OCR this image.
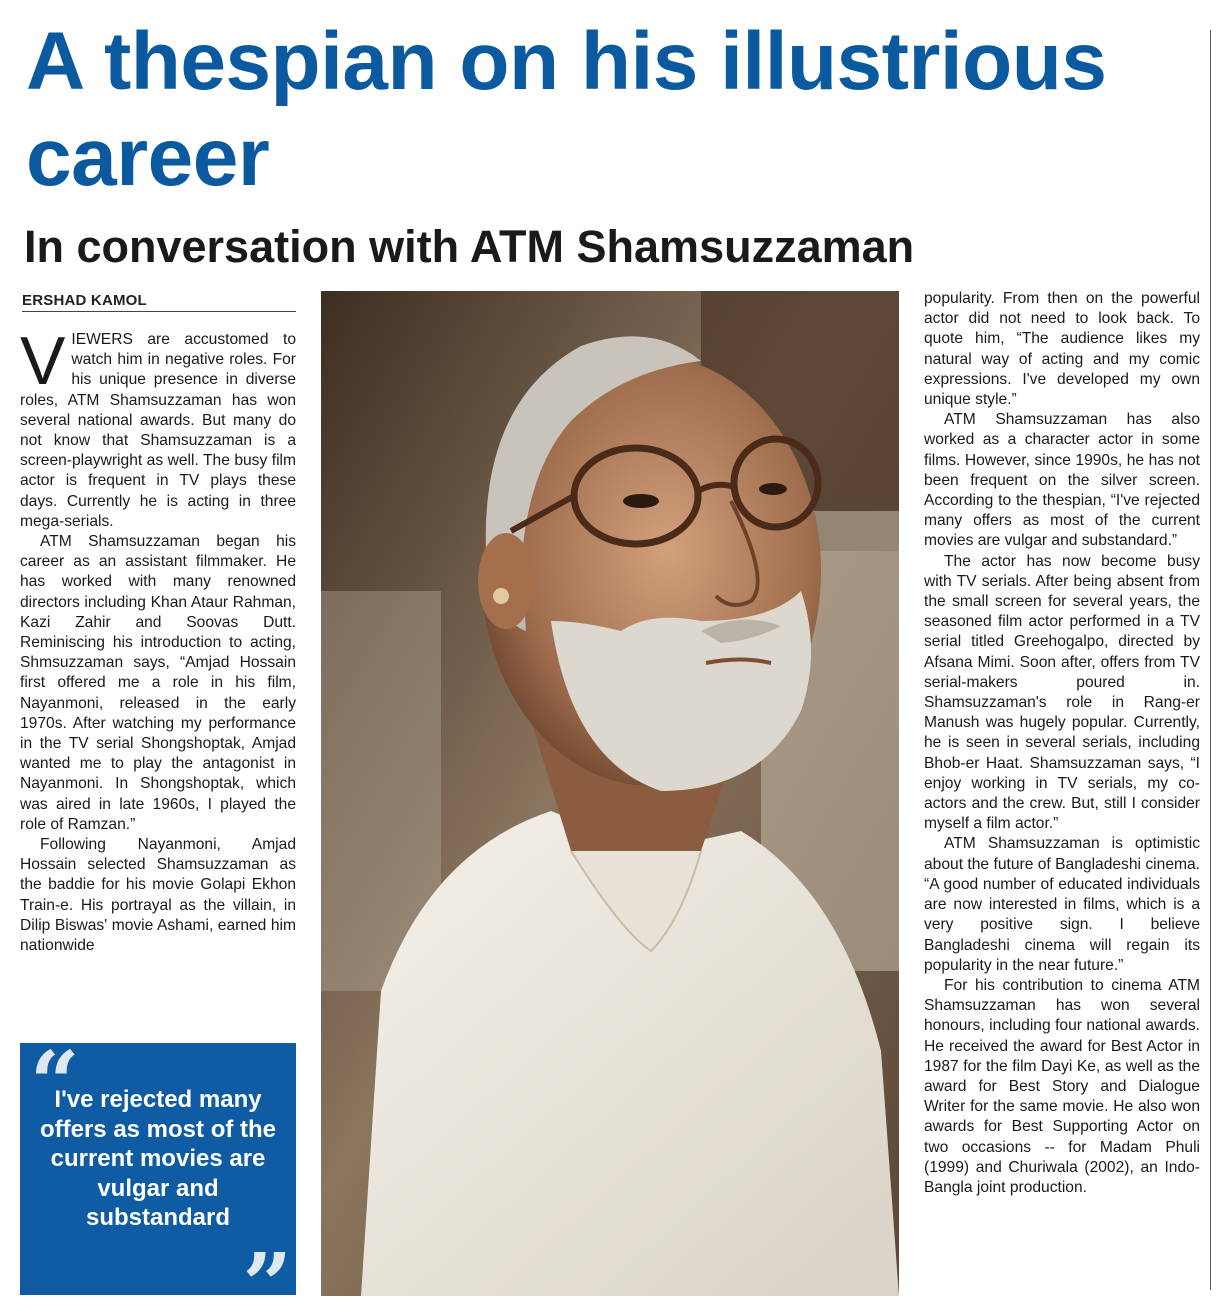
A thespian on his illustrious career
In conversation with ATM Shamsuzzaman
ERSHAD KAMOL

VIEWERS are accustomed to watch him in negative roles. For his unique presence in diverse roles, ATM Shamsuzzaman has won several national awards. But many do not know that Shamsuzzaman is a screen-playwright as well. The busy film actor is frequent in TV plays these days. Currently he is acting in three mega-serials.

ATM Shamsuzzaman began his career as an assistant filmmaker. He has worked with many renowned directors including Khan Ataur Rahman, Kazi Zahir and Soovas Dutt. Reminiscing his introduction to acting, Shmsuzzaman says, “Amjad Hossain first offered me a role in his film, Nayanmoni, released in the early 1970s. After watching my performance in the TV serial Shongshoptak, Amjad wanted me to play the antagonist in Nayanmoni. In Shongshoptak, which was aired in late 1960s, I played the role of Ramzan.”

Following Nayanmoni, Amjad Hossain selected Shamsuzzaman as the baddie for his movie Golapi Ekhon Train-e. His portrayal as the villain, in Dilip Biswas' movie Ashami, earned him nationwide

“
I've rejected many offers as most of the current movies are vulgar and substandard
”

popularity. From then on the powerful actor did not need to look back. To quote him, “The audience likes my natural way of acting and my comic expressions. I've developed my own unique style.”

ATM Shamsuzzaman has also worked as a character actor in some films. However, since 1990s, he has not been frequent on the silver screen. According to the thespian, “I've rejected many offers as most of the current movies are vulgar and substandard.”

The actor has now become busy with TV serials. After being absent from the small screen for several years, the seasoned film actor performed in a TV serial titled Greehogalpo, directed by Afsana Mimi. Soon after, offers from TV serial-makers poured in. Shamsuzzaman's role in Rang-er Manush was hugely popular. Currently, he is seen in several serials, including Bhob-er Haat. Shamsuzzaman says, “I enjoy working in TV serials, my co-actors and the crew. But, still I consider myself a film actor.”

ATM Shamsuzzaman is optimistic about the future of Bangladeshi cinema. “A good number of educated individuals are now interested in films, which is a very positive sign. I believe Bangladeshi cinema will regain its popularity in the near future.”

For his contribution to cinema ATM Shamsuzzaman has won several honours, including four national awards. He received the award for Best Actor in 1987 for the film Dayi Ke, as well as the award for Best Story and Dialogue Writer for the same movie. He also won awards for Best Supporting Actor on two occasions -- for Madam Phuli (1999) and Churiwala (2002), an Indo-Bangla joint production.
